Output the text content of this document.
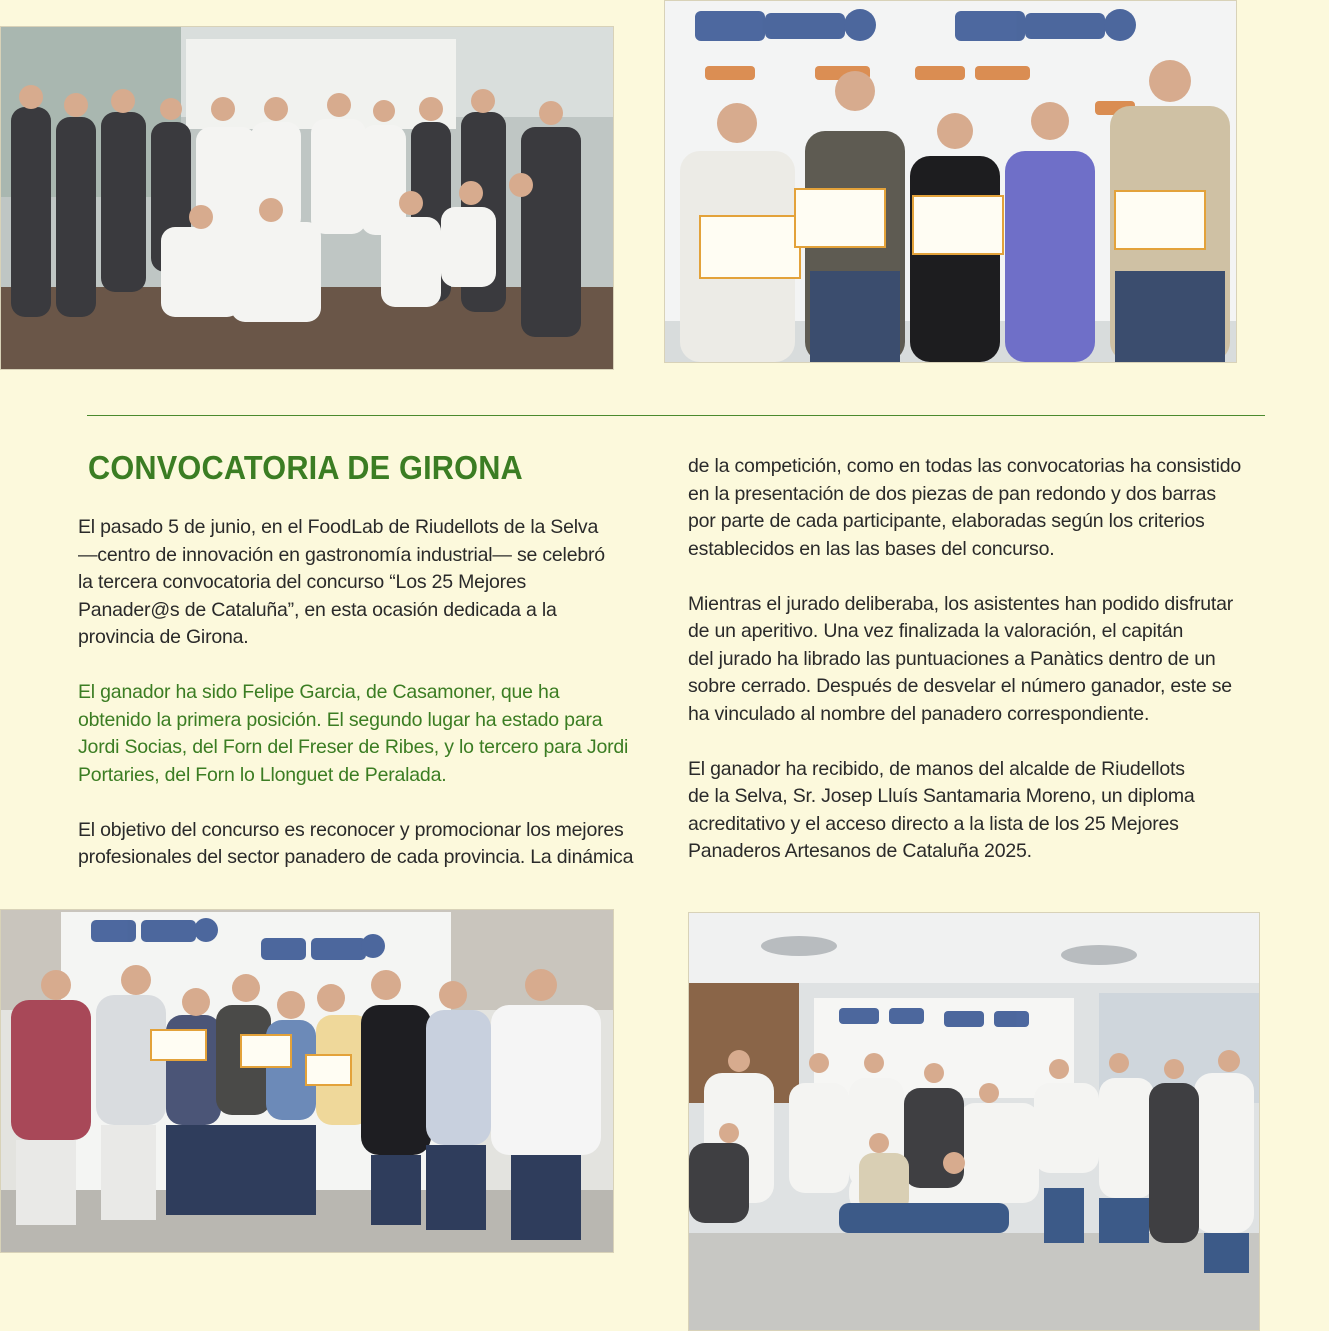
CONVOCATORIA DE GIRONA

El pasado 5 de junio, en el FoodLab de Riudellots de la Selva
—centro de innovación en gastronomía industrial— se celebró
la tercera convocatoria del concurso “Los 25 Mejores
Panader@s de Cataluña”, en esta ocasión dedicada a la
provincia de Girona.

El ganador ha sido Felipe Garcia, de Casamoner, que ha
obtenido la primera posición. El segundo lugar ha estado para
Jordi Socias, del Forn del Freser de Ribes, y lo tercero para Jordi
Portaries, del Forn lo Llonguet de Peralada.

El objetivo del concurso es reconocer y promocionar los mejores
profesionales del sector panadero de cada provincia. La dinámica

de la competición, como en todas las convocatorias ha consistido
en la presentación de dos piezas de pan redondo y dos barras
por parte de cada participante, elaboradas según los criterios
establecidos en las las bases del concurso.

Mientras el jurado deliberaba, los asistentes han podido disfrutar
de un aperitivo. Una vez finalizada la valoración, el capitán
del jurado ha librado las puntuaciones a Panàtics dentro de un
sobre cerrado. Después de desvelar el número ganador, este se
ha vinculado al nombre del panadero correspondiente.

El ganador ha recibido, de manos del alcalde de Riudellots
de la Selva, Sr. Josep Lluís Santamaria Moreno, un diploma
acreditativo y el acceso directo a la lista de los 25 Mejores
Panaderos Artesanos de Cataluña 2025.
